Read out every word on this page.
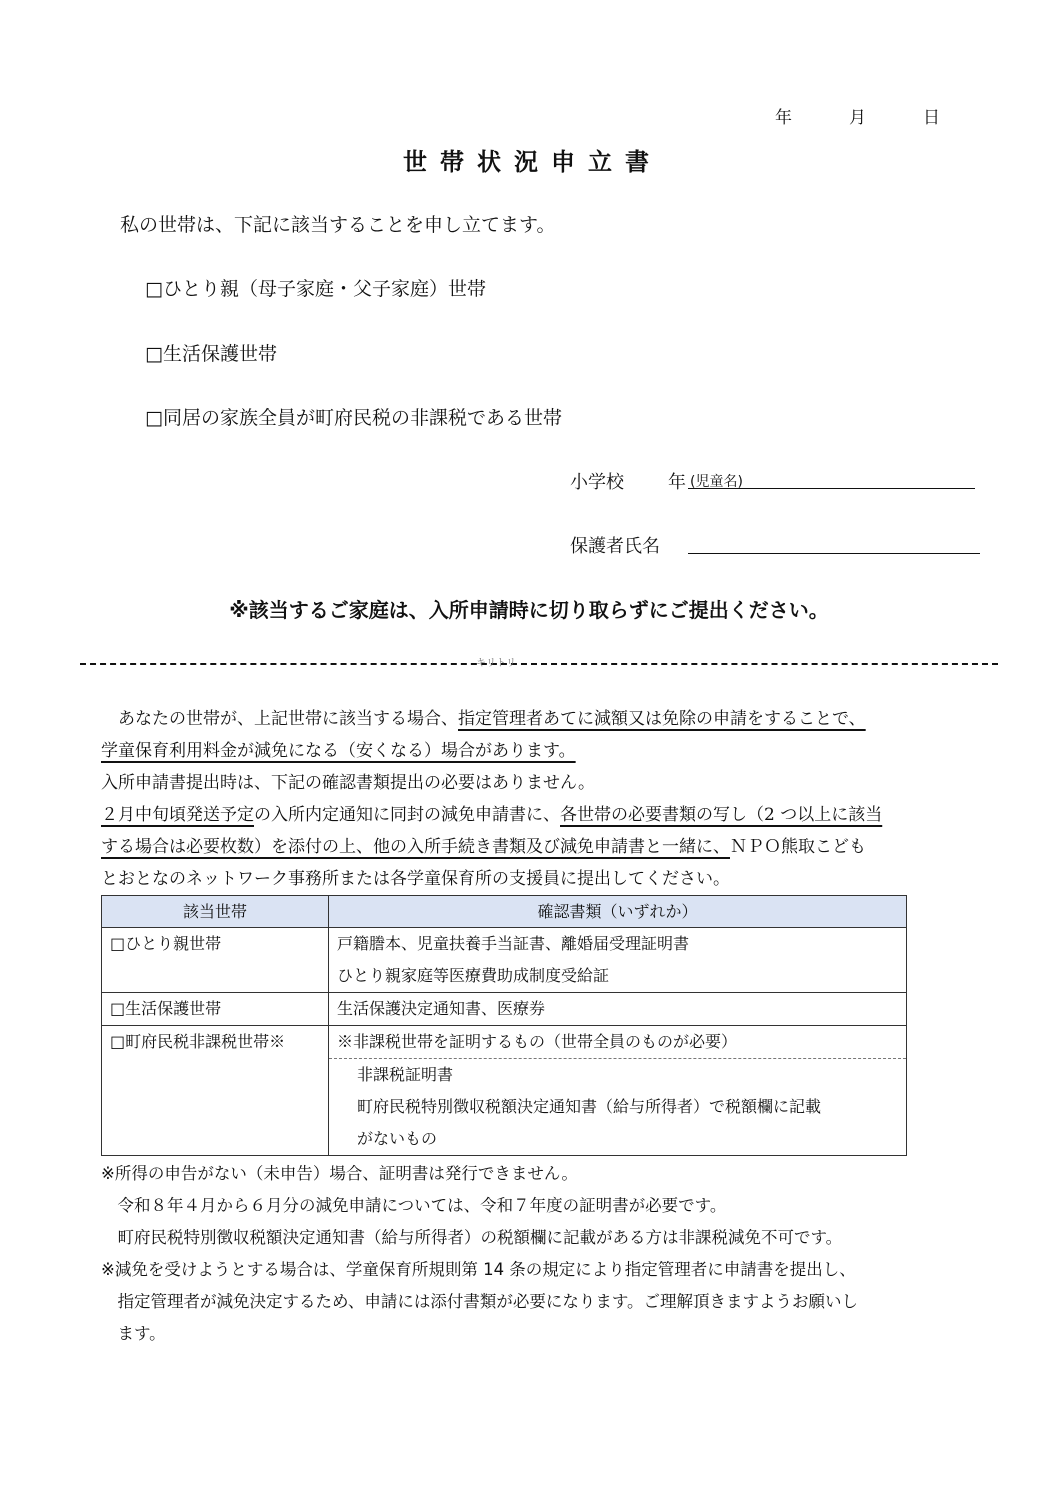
年	月	日
世帯状況申立書
私の世帯は、下記に該当することを申し立てます。
□ひとり親（母子家庭・父子家庭）世帯
□生活保護世帯
□同居の家族全員が町府民税の非課税である世帯
小学校 年 (児童名)
保護者氏名
※該当するご家庭は、入所申請時に切り取らずにご提出ください。
キリトリ
　あなたの世帯が、上記世帯に該当する場合、指定管理者あてに減額又は免除の申請をすることで、
学童保育利用料金が減免になる（安くなる）場合があります。
入所申請書提出時は、下記の確認書類提出の必要はありません。
２月中旬頃発送予定の入所内定通知に同封の減免申請書に、各世帯の必要書類の写し（2 つ以上に該当
する場合は必要枚数）を添付の上、他の入所手続き書類及び減免申請書と一緒に、ＮＰＯ熊取こども
とおとなのネットワーク事務所または各学童保育所の支援員に提出してください。
該当世帯	確認書類（いずれか）
□ひとり親世帯	戸籍謄本、児童扶養手当証書、離婚届受理証明書
ひとり親家庭等医療費助成制度受給証

□生活保護世帯	生活保護決定通知書、医療券

□町府民税非課税世帯※	※非課税世帯を証明するもの（世帯全員のものが必要）
非課税証明書
町府民税特別徴収税額決定通知書（給与所得者）で税額欄に記載
がないもの
※所得の申告がない（未申告）場合、証明書は発行できません。
　令和８年４月から６月分の減免申請については、令和７年度の証明書が必要です。
　町府民税特別徴収税額決定通知書（給与所得者）の税額欄に記載がある方は非課税減免不可です。
※減免を受けようとする場合は、学童保育所規則第 14 条の規定により指定管理者に申請書を提出し、
　指定管理者が減免決定するため、申請には添付書類が必要になります。ご理解頂きますようお願いし
　ます。
